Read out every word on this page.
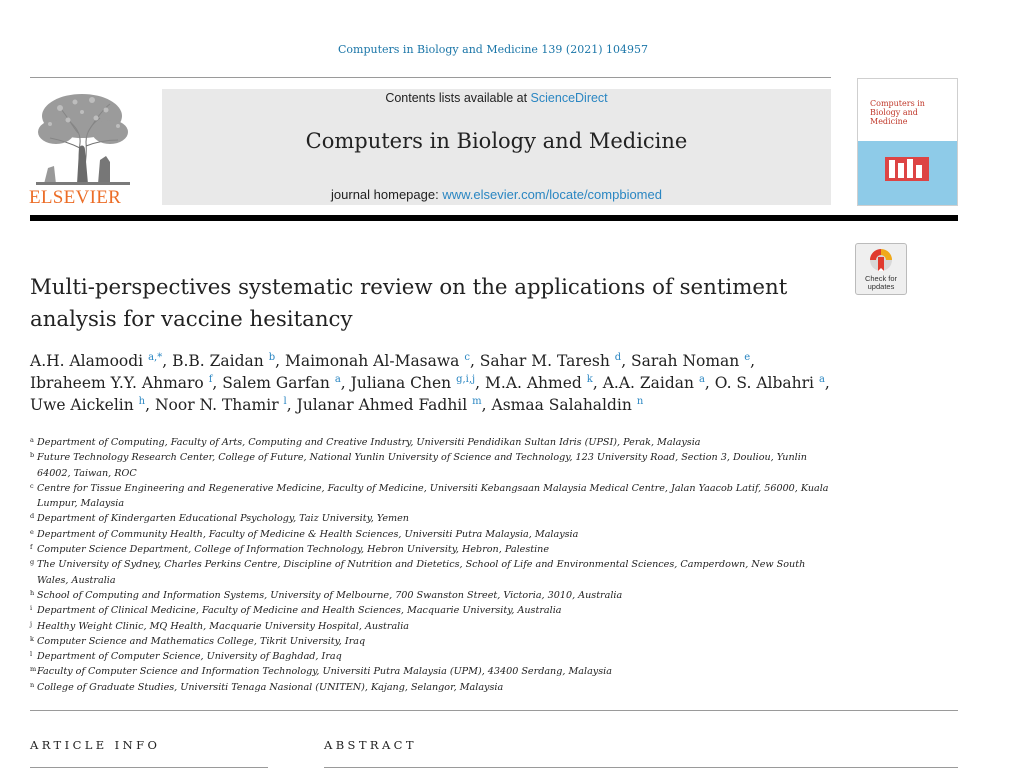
Computers in Biology and Medicine 139 (2021) 104957
ELSEVIER
Contents lists available at ScienceDirect
Computers in Biology and Medicine
journal homepage: www.elsevier.com/locate/compbiomed
Computers in Biology and Medicine
Check for updates
Multi-perspectives systematic review on the applications of sentiment analysis for vaccine hesitancy
A.H. Alamoodi $^{a,*}$, B.B. Zaidan $^b$, Maimonah Al-Masawa $^c$, Sahar M. Taresh $^d$, Sarah Noman $^e$, Ibraheem Y.Y. Ahmaro $^f$, Salem Garfan $^a$, Juliana Chen $^{g,i,j}$, M.A. Ahmed $^k$, A.A. Zaidan $^a$, O. S. Albahri $^a$, Uwe Aickelin $^h$, Noor N. Thamir $^l$, Julanar Ahmed Fadhil $^m$, Asmaa Salahaldin $^n$
a Department of Computing, Faculty of Arts, Computing and Creative Industry, Universiti Pendidikan Sultan Idris (UPSI), Perak, Malaysia
b Future Technology Research Center, College of Future, National Yunlin University of Science and Technology, 123 University Road, Section 3, Douliou, Yunlin 64002, Taiwan, ROC
c Centre for Tissue Engineering and Regenerative Medicine, Faculty of Medicine, Universiti Kebangsaan Malaysia Medical Centre, Jalan Yaacob Latif, 56000, Kuala Lumpur, Malaysia
d Department of Kindergarten Educational Psychology, Taiz University, Yemen
e Department of Community Health, Faculty of Medicine & Health Sciences, Universiti Putra Malaysia, Malaysia
f Computer Science Department, College of Information Technology, Hebron University, Hebron, Palestine
g The University of Sydney, Charles Perkins Centre, Discipline of Nutrition and Dietetics, School of Life and Environmental Sciences, Camperdown, New South Wales, Australia
h School of Computing and Information Systems, University of Melbourne, 700 Swanston Street, Victoria, 3010, Australia
i Department of Clinical Medicine, Faculty of Medicine and Health Sciences, Macquarie University, Australia
j Healthy Weight Clinic, MQ Health, Macquarie University Hospital, Australia
k Computer Science and Mathematics College, Tikrit University, Iraq
l Department of Computer Science, University of Baghdad, Iraq
m Faculty of Computer Science and Information Technology, Universiti Putra Malaysia (UPM), 43400 Serdang, Malaysia
n College of Graduate Studies, Universiti Tenaga Nasional (UNITEN), Kajang, Selangor, Malaysia
ARTICLE INFO	ABSTRACT
